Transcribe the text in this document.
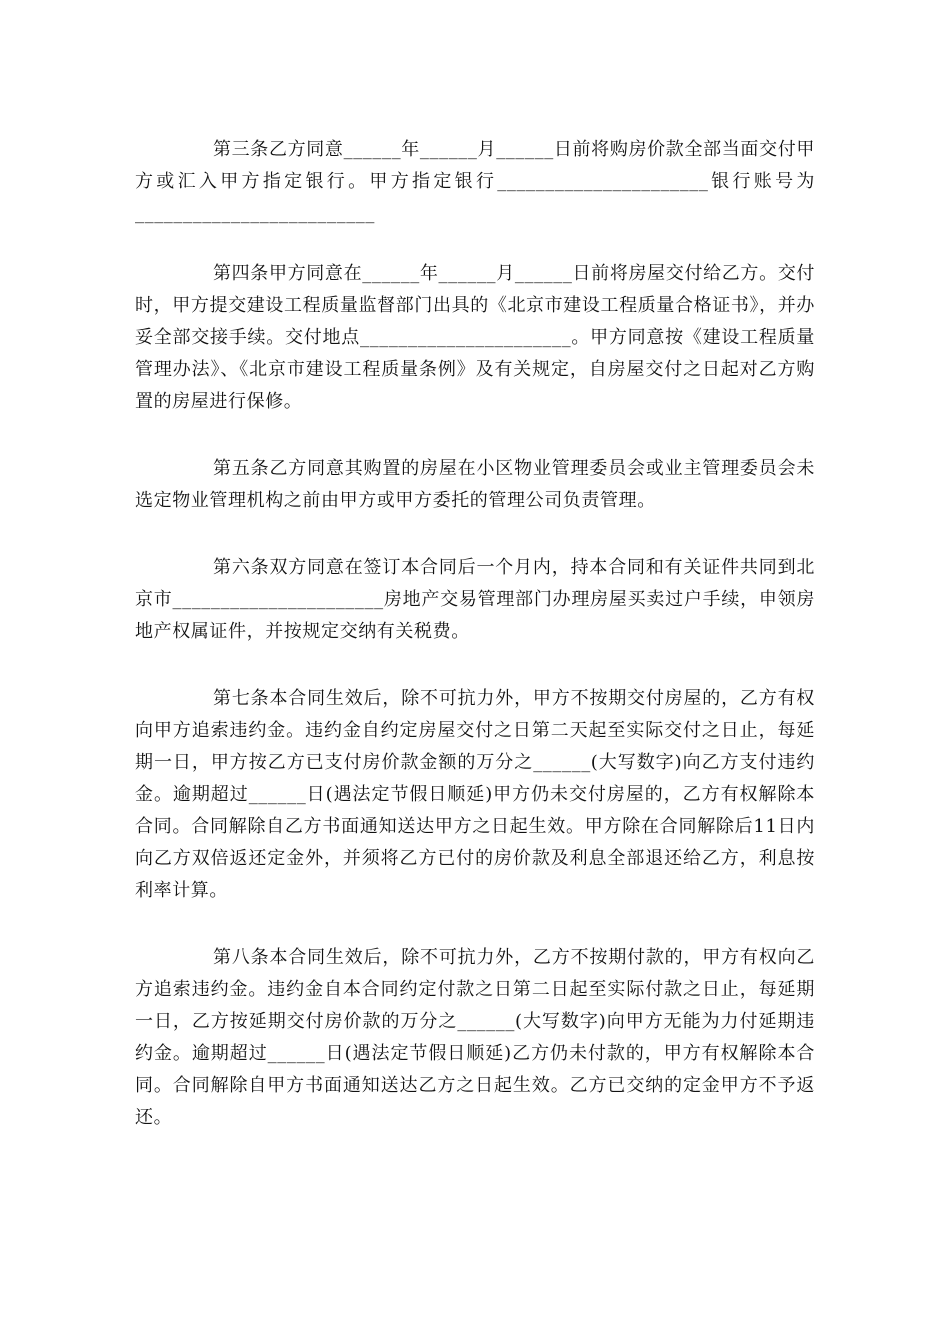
第三条乙方同意______年______月______日前将购房价款全部当面交付甲方或汇入甲方指定银行。甲方指定银行______________________银行账号为_________________________

第四条甲方同意在______年______月______日前将房屋交付给乙方。交付时，甲方提交建设工程质量监督部门出具的《北京市建设工程质量合格证书》，并办妥全部交接手续。交付地点______________________。甲方同意按《建设工程质量管理办法》、《北京市建设工程质量条例》及有关规定，自房屋交付之日起对乙方购置的房屋进行保修。

第五条乙方同意其购置的房屋在小区物业管理委员会或业主管理委员会未选定物业管理机构之前由甲方或甲方委托的管理公司负责管理。

第六条双方同意在签订本合同后一个月内，持本合同和有关证件共同到北京市______________________房地产交易管理部门办理房屋买卖过户手续，申领房地产权属证件，并按规定交纳有关税费。

第七条本合同生效后，除不可抗力外，甲方不按期交付房屋的，乙方有权向甲方追索违约金。违约金自约定房屋交付之日第二天起至实际交付之日止，每延期一日，甲方按乙方已支付房价款金额的万分之______(大写数字)向乙方支付违约金。逾期超过______日(遇法定节假日顺延)甲方仍未交付房屋的，乙方有权解除本合同。合同解除自乙方书面通知送达甲方之日起生效。甲方除在合同解除后11日内向乙方双倍返还定金外，并须将乙方已付的房价款及利息全部退还给乙方，利息按利率计算。

第八条本合同生效后，除不可抗力外，乙方不按期付款的，甲方有权向乙方追索违约金。违约金自本合同约定付款之日第二日起至实际付款之日止，每延期一日，乙方按延期交付房价款的万分之______(大写数字)向甲方无能为力付延期违约金。逾期超过______日(遇法定节假日顺延)乙方仍未付款的，甲方有权解除本合同。合同解除自甲方书面通知送达乙方之日起生效。乙方已交纳的定金甲方不予返还。
